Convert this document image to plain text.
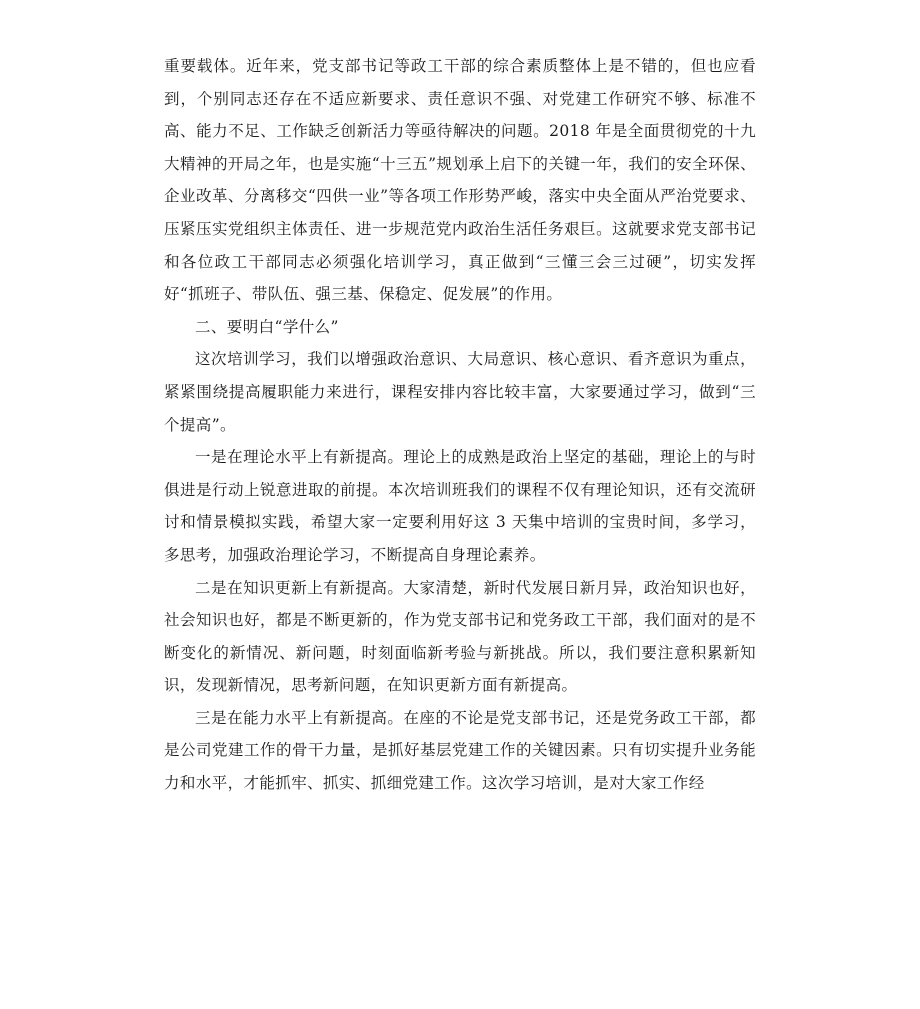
重要载体。近年来，党支部书记等政工干部的综合素质整体上是不错的，但也应看到，个别同志还存在不适应新要求、责任意识不强、对党建工作研究不够、标准不高、能力不足、工作缺乏创新活力等亟待解决的问题。2018 年是全面贯彻党的十九大精神的开局之年，也是实施“十三五”规划承上启下的关键一年，我们的安全环保、企业改革、分离移交“四供一业”等各项工作形势严峻，落实中央全面从严治党要求、压紧压实党组织主体责任、进一步规范党内政治生活任务艰巨。这就要求党支部书记和各位政工干部同志必须强化培训学习，真正做到“三懂三会三过硬”，切实发挥好“抓班子、带队伍、强三基、保稳定、促发展”的作用。

二、要明白“学什么”

这次培训学习，我们以增强政治意识、大局意识、核心意识、看齐意识为重点，紧紧围绕提高履职能力来进行，课程安排内容比较丰富，大家要通过学习，做到“三个提高”。

一是在理论水平上有新提高。理论上的成熟是政治上坚定的基础，理论上的与时俱进是行动上锐意进取的前提。本次培训班我们的课程不仅有理论知识，还有交流研讨和情景模拟实践，希望大家一定要利用好这 3 天集中培训的宝贵时间，多学习，多思考，加强政治理论学习，不断提高自身理论素养。

二是在知识更新上有新提高。大家清楚，新时代发展日新月异，政治知识也好，社会知识也好，都是不断更新的，作为党支部书记和党务政工干部，我们面对的是不断变化的新情况、新问题，时刻面临新考验与新挑战。所以，我们要注意积累新知识，发现新情况，思考新问题，在知识更新方面有新提高。

三是在能力水平上有新提高。在座的不论是党支部书记，还是党务政工干部，都是公司党建工作的骨干力量，是抓好基层党建工作的关键因素。只有切实提升业务能力和水平，才能抓牢、抓实、抓细党建工作。这次学习培训，是对大家工作经
